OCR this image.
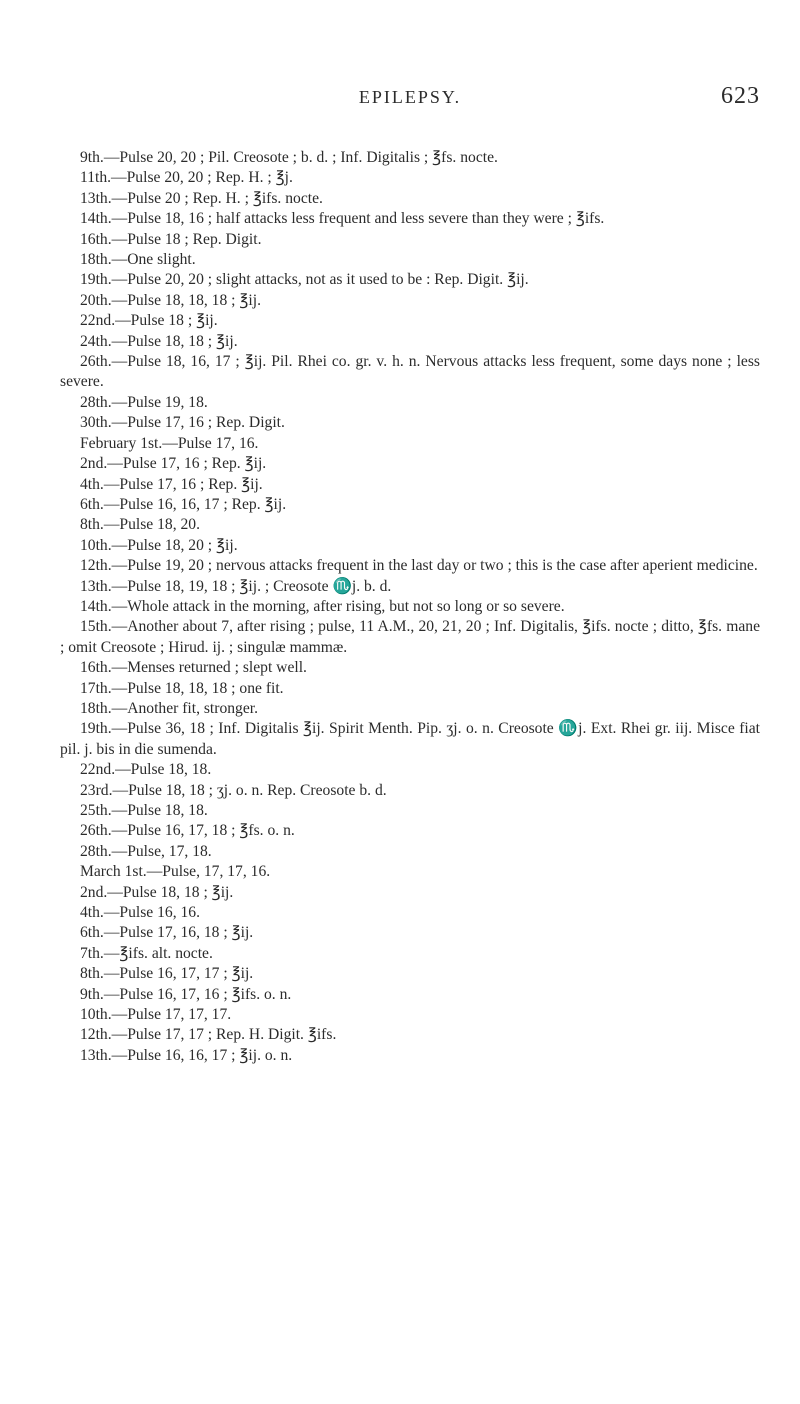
EPILEPSY.	623

9th.—Pulse 20, 20 ; Pil. Creosote ; b. d. ; Inf. Digitalis ; ℥fs. nocte.

11th.—Pulse 20, 20 ; Rep. H. ; ℥j.

13th.—Pulse 20 ; Rep. H. ; ℥ifs. nocte.

14th.—Pulse 18, 16 ; half attacks less frequent and less severe than they were ; ℥ifs.

16th.—Pulse 18 ; Rep. Digit.

18th.—One slight.

19th.—Pulse 20, 20 ; slight attacks, not as it used to be : Rep. Digit. ℥ij.

20th.—Pulse 18, 18, 18 ; ℥ij.

22nd.—Pulse 18 ; ℥ij.

24th.—Pulse 18, 18 ; ℥ij.

26th.—Pulse 18, 16, 17 ; ℥ij. Pil. Rhei co. gr. v. h. n. Nervous attacks less frequent, some days none ; less severe.

28th.—Pulse 19, 18.

30th.—Pulse 17, 16 ; Rep. Digit.

February 1st.—Pulse 17, 16.

2nd.—Pulse 17, 16 ; Rep. ℥ij.

4th.—Pulse 17, 16 ; Rep. ℥ij.

6th.—Pulse 16, 16, 17 ; Rep. ℥ij.

8th.—Pulse 18, 20.

10th.—Pulse 18, 20 ; ℥ij.

12th.—Pulse 19, 20 ; nervous attacks frequent in the last day or two ; this is the case after aperient medicine.

13th.—Pulse 18, 19, 18 ; ℥ij. ; Creosote ♏j. b. d.

14th.—Whole attack in the morning, after rising, but not so long or so severe.

15th.—Another about 7, after rising ; pulse, 11 A.M., 20, 21, 20 ; Inf. Digitalis, ℥ifs. nocte ; ditto, ℥fs. mane ; omit Creosote ; Hirud. ij. ; singulæ mammæ.

16th.—Menses returned ; slept well.

17th.—Pulse 18, 18, 18 ; one fit.

18th.—Another fit, stronger.

19th.—Pulse 36, 18 ; Inf. Digitalis ℥ij. Spirit Menth. Pip. ʒj. o. n. Creosote ♏j. Ext. Rhei gr. iij. Misce fiat pil. j. bis in die sumenda.

22nd.—Pulse 18, 18.

23rd.—Pulse 18, 18 ; ʒj. o. n. Rep. Creosote b. d.

25th.—Pulse 18, 18.

26th.—Pulse 16, 17, 18 ; ℥fs. o. n.

28th.—Pulse, 17, 18.

March 1st.—Pulse, 17, 17, 16.

2nd.—Pulse 18, 18 ; ℥ij.

4th.—Pulse 16, 16.

6th.—Pulse 17, 16, 18 ; ℥ij.

7th.—℥ifs. alt. nocte.

8th.—Pulse 16, 17, 17 ; ℥ij.

9th.—Pulse 16, 17, 16 ; ℥ifs. o. n.

10th.—Pulse 17, 17, 17.

12th.—Pulse 17, 17 ; Rep. H. Digit. ℥ifs.

13th.—Pulse 16, 16, 17 ; ℥ij. o. n.
